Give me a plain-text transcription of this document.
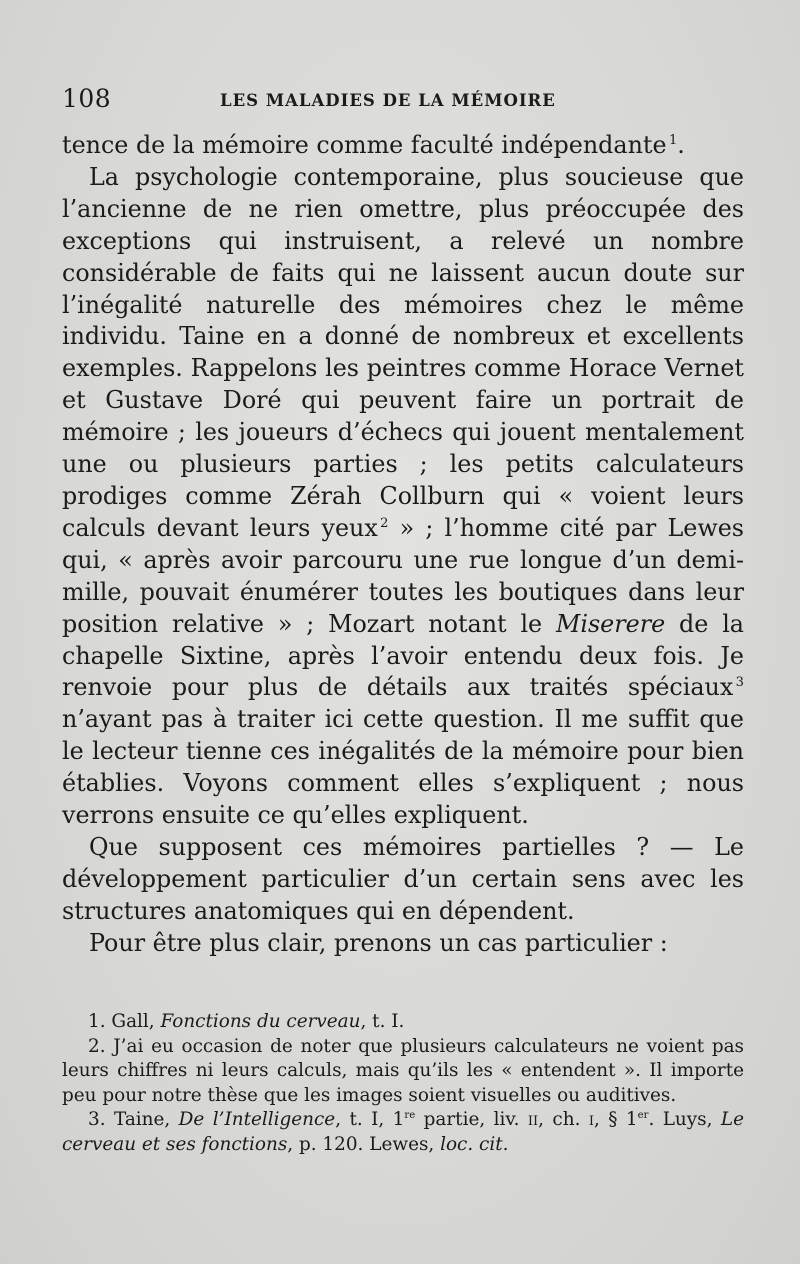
108	LES MALADIES DE LA MÉMOIRE

tence de la mémoire comme faculté indépendante  $^1$.

La psychologie contemporaine, plus soucieuse que l’ancienne de ne rien omettre, plus préoccupée des exceptions qui instruisent, a relevé un nombre considérable de faits qui ne laissent aucun doute sur l’inégalité naturelle des mémoires chez le même individu. Taine en a donné de nombreux et excellents exemples. Rappelons les peintres comme Horace Vernet et Gustave Doré qui peuvent faire un portrait de mémoire ; les joueurs d’échecs qui jouent mentalement une ou plusieurs parties ; les petits calculateurs prodiges comme Zérah Collburn qui « voient leurs calculs devant leurs yeux  $^2$ » ; l’homme cité par Lewes qui, « après avoir parcouru une rue longue d’un demi-mille, pouvait énumérer toutes les boutiques dans leur position relative » ; Mozart notant le Miserere de la chapelle Sixtine, après l’avoir entendu deux fois. Je renvoie pour plus de détails aux traités spéciaux  $^3$ n’ayant pas à traiter ici cette question. Il me suffit que le lecteur tienne ces inégalités de la mémoire pour bien établies. Voyons comment elles s’expliquent ; nous verrons ensuite ce qu’elles expliquent.

Que supposent ces mémoires partielles ? — Le développement particulier d’un certain sens avec les structures anatomiques qui en dépendent.

Pour être plus clair, prenons un cas particulier :

1. Gall, Fonctions du cerveau, t. I.

2. J’ai eu occasion de noter que plusieurs calculateurs ne voient pas leurs chiffres ni leurs calculs, mais qu’ils les « entendent ». Il importe peu pour notre thèse que les images soient visuelles ou auditives.

3. Taine, De l’Intelligence, t. I, 1re partie, liv. ii, ch. i, § 1er. Luys, Le cerveau et ses fonctions, p. 120. Lewes, loc. cit.
